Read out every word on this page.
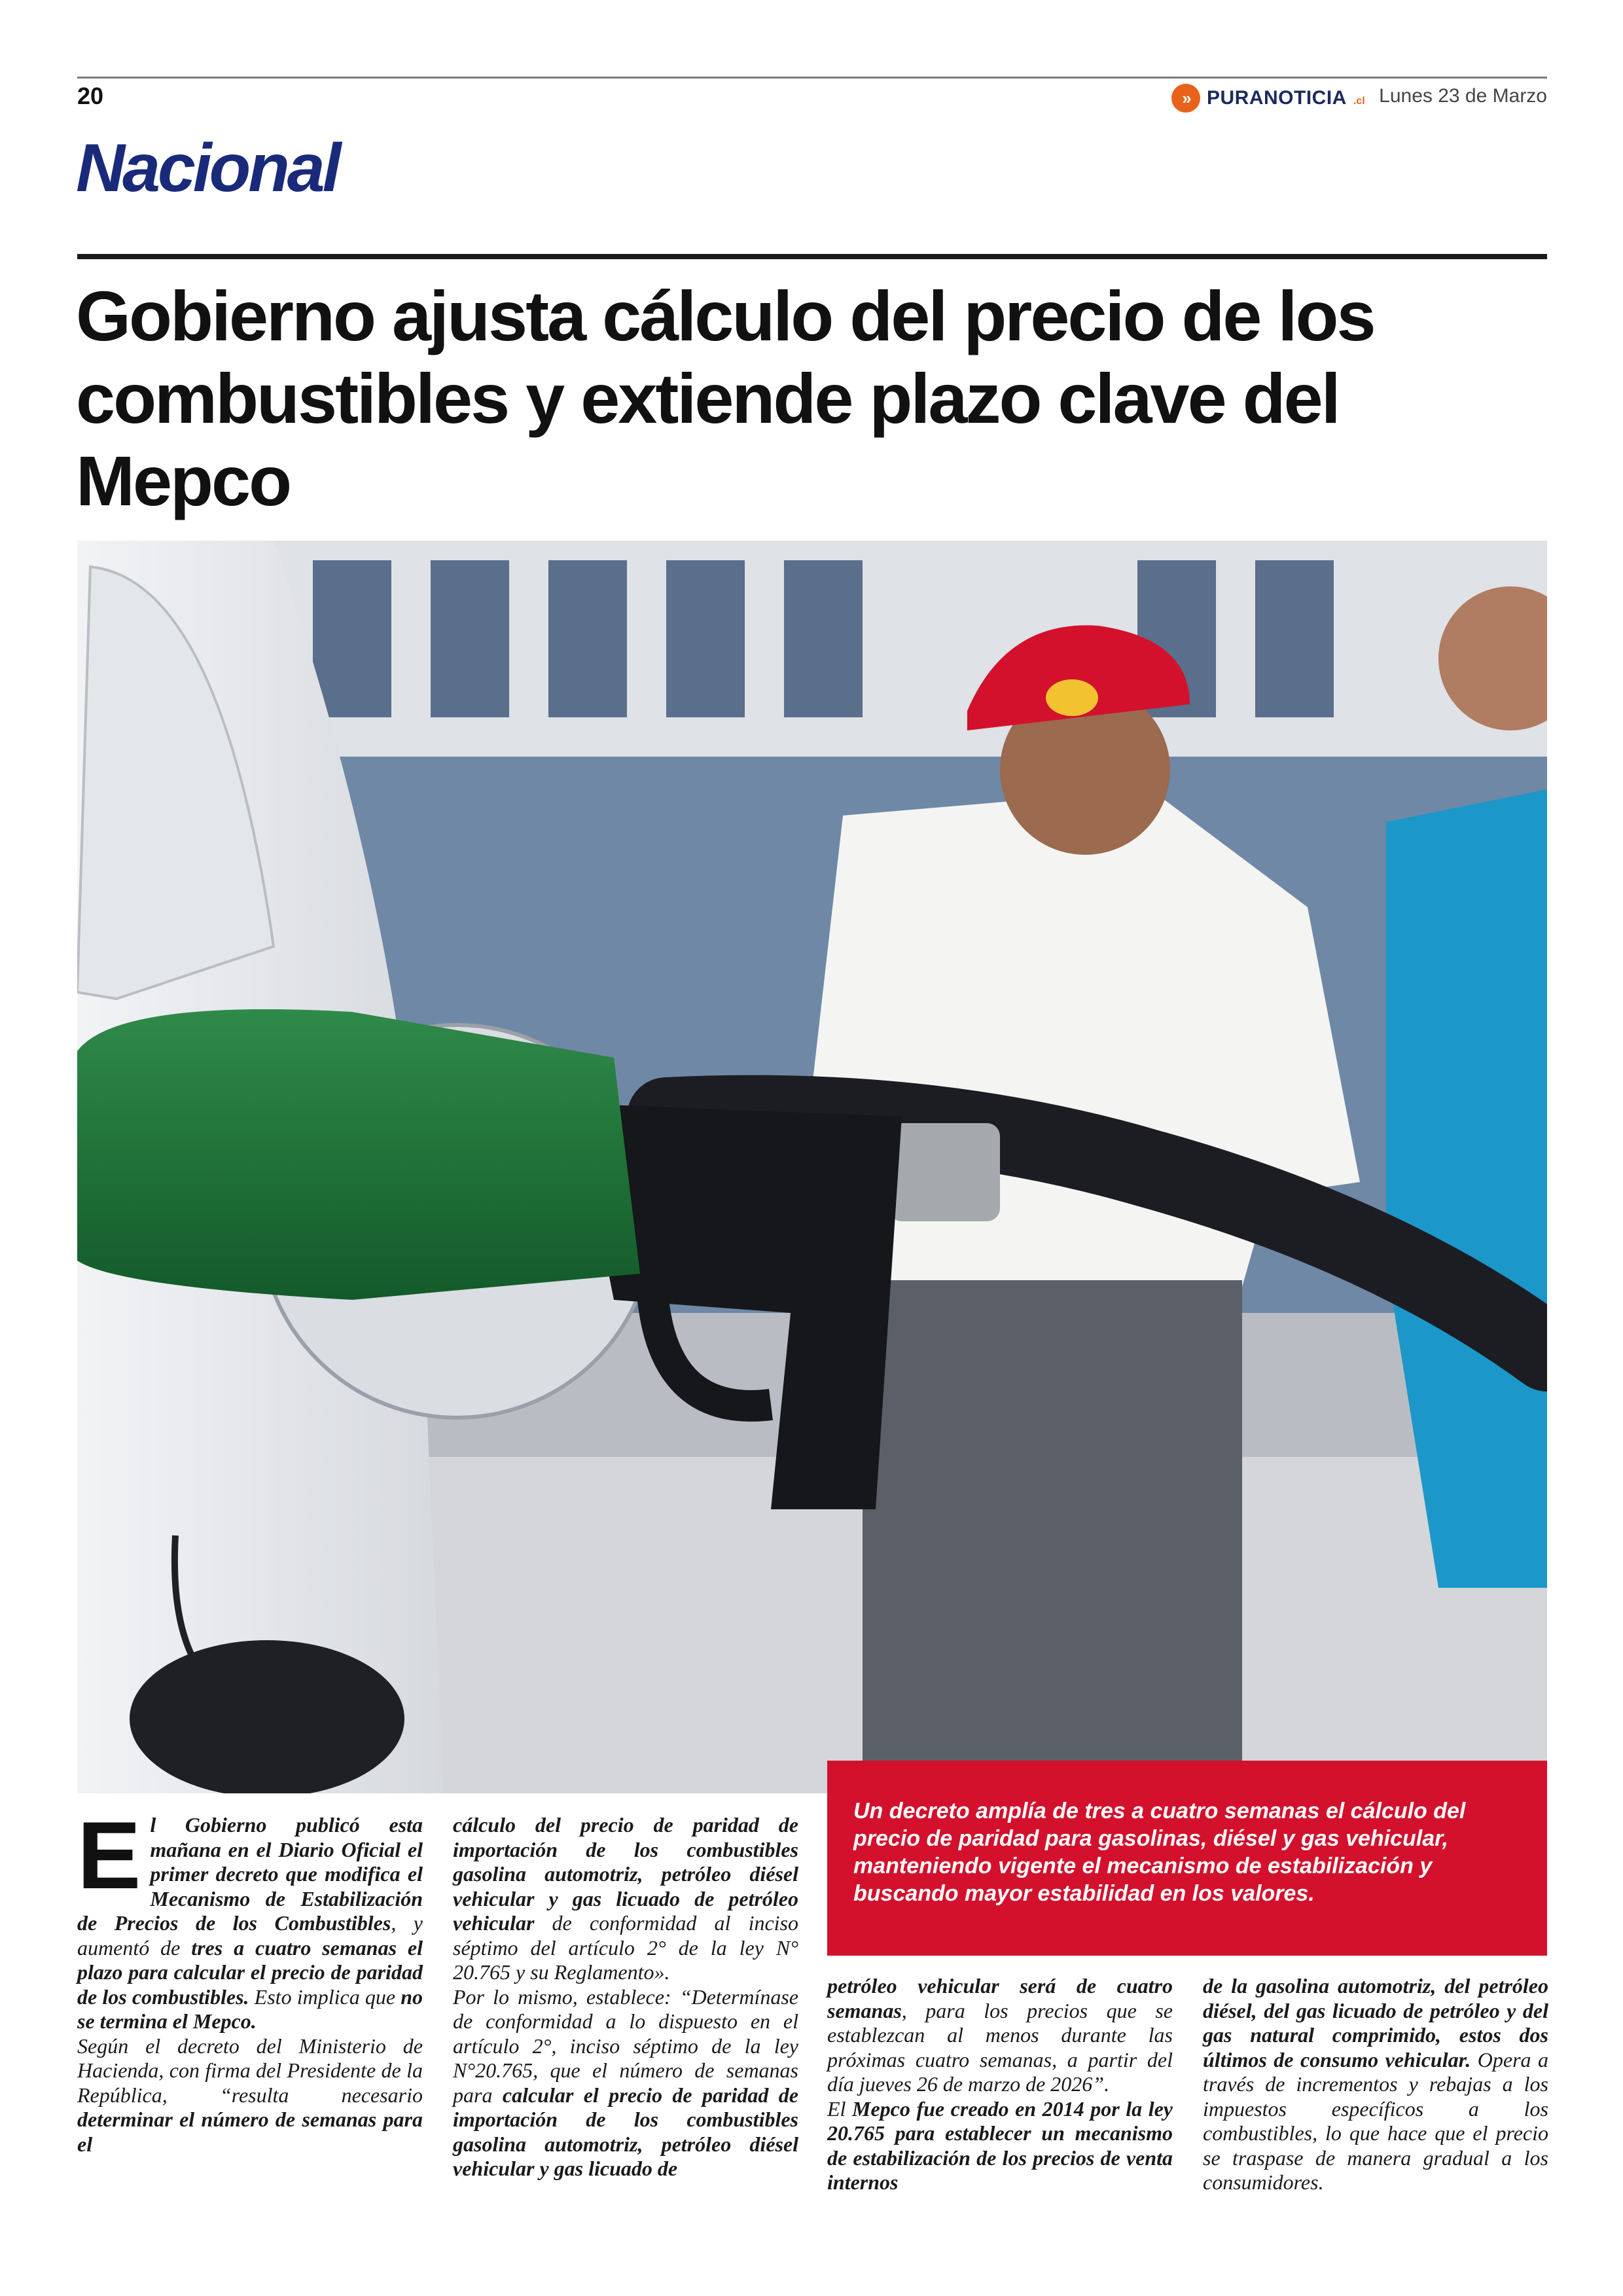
20	» PURANOTICIA .cl Lunes 23 de Marzo
Nacional
Gobierno ajusta cálculo del precio de los combustibles y extiende plazo clave del Mepco

Un decreto amplía de tres a cuatro semanas el cálculo del precio de paridad para gasolinas, diésel y gas vehicular, manteniendo vigente el mecanismo de estabilización y buscando mayor estabilidad en los valores.

E l Gobierno publicó esta mañana en el Diario Oficial el primer decreto que modifica el Mecanismo de Estabilización de Precios de los Combustibles, y aumentó de tres a cuatro semanas el plazo para calcular el precio de paridad de los combustibles. Esto implica que no se termina el Mepco.

Según el decreto del Ministerio de Hacienda, con firma del Presidente de la República, “resulta necesario determinar el número de semanas para el

cálculo del precio de paridad de importación de los combustibles gasolina automotriz, petróleo diésel vehicular y gas licuado de petróleo vehicular de conformidad al inciso séptimo del artículo 2° de la ley N° 20.765 y su Reglamento».

Por lo mismo, establece: “Determínase de conformidad a lo dispuesto en el artículo 2°, inciso séptimo de la ley N°20.765, que el número de semanas para calcular el precio de paridad de importación de los combustibles gasolina automotriz, petróleo diésel vehicular y gas licuado de

petróleo vehicular será de cuatro semanas, para los precios que se establezcan al menos durante las próximas cuatro semanas, a partir del día jueves 26 de marzo de 2026”.

El Mepco fue creado en 2014 por la ley 20.765 para establecer un mecanismo de estabilización de los precios de venta internos

de la gasolina automotriz, del petróleo diésel, del gas licuado de petróleo y del gas natural comprimido, estos dos últimos de consumo vehicular. Opera a través de incrementos y rebajas a los impuestos específicos a los combustibles, lo que hace que el precio se traspase de manera gradual a los consumidores.
